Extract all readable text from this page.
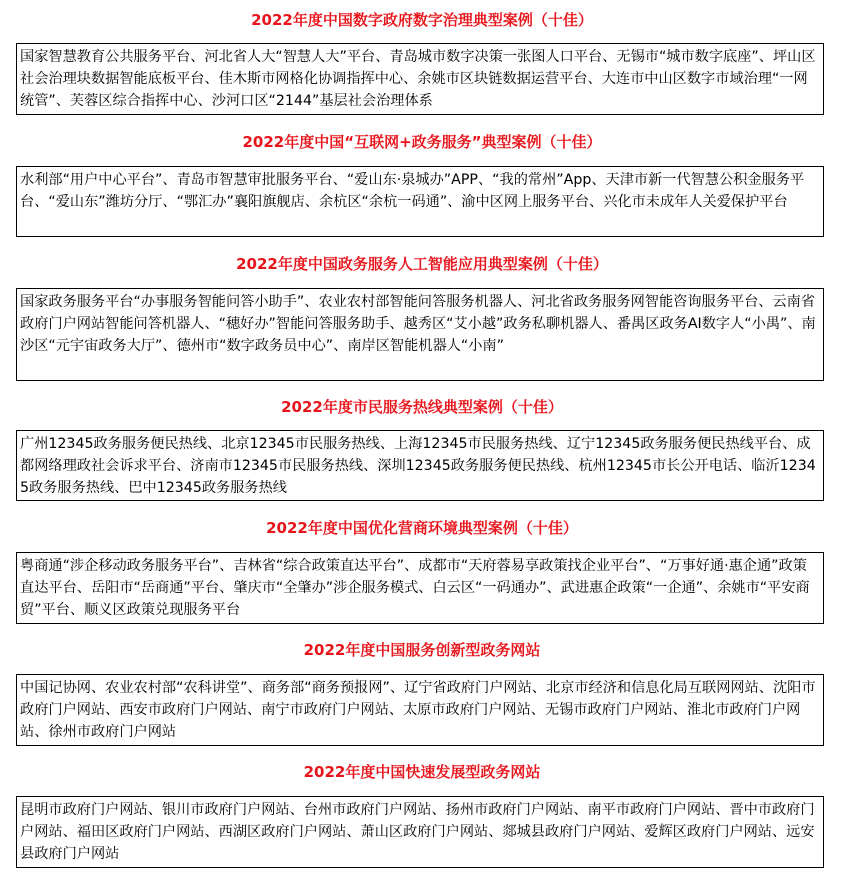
2022年度中国数字政府数字治理典型案例（十佳）
国家智慧教育公共服务平台、河北省人大“智慧人大”平台、青岛城市数字决策一张图人口平台、无锡市“城市数字底座”、坪山区社会治理块数据智能底板平台、佳木斯市网格化协调指挥中心、余姚市区块链数据运营平台、大连市中山区数字市域治理“一网统管”、芙蓉区综合指挥中心、沙河口区“2144”基层社会治理体系
2022年度中国“互联网+政务服务”典型案例（十佳）
水利部“用户中心平台”、青岛市智慧审批服务平台、“爱山东·泉城办”APP、“我的常州”App、天津市新一代智慧公积金服务平台、“爱山东”潍坊分厅、“鄂汇办”襄阳旗舰店、余杭区“余杭一码通”、渝中区网上服务平台、兴化市未成年人关爱保护平台
2022年度中国政务服务人工智能应用典型案例（十佳）
国家政务服务平台“办事服务智能问答小助手”、农业农村部智能问答服务机器人、河北省政务服务网智能咨询服务平台、云南省政府门户网站智能问答机器人、“穗好办”智能问答服务助手、越秀区“艾小越”政务私聊机器人、番禺区政务AI数字人“小禺”、南沙区“元宇宙政务大厅”、德州市“数字政务员中心”、南岸区智能机器人“小南”
2022年度市民服务热线典型案例（十佳）
广州12345政务服务便民热线、北京12345市民服务热线、上海12345市民服务热线、辽宁12345政务服务便民热线平台、成都网络理政社会诉求平台、济南市12345市民服务热线、深圳12345政务服务便民热线、杭州12345市长公开电话、临沂12345政务服务热线、巴中12345政务服务热线
2022年度中国优化营商环境典型案例（十佳）
粤商通“涉企移动政务服务平台”、吉林省“综合政策直达平台”、成都市“天府蓉易享政策找企业平台”、“万事好通·惠企通”政策直达平台、岳阳市“岳商通”平台、肇庆市“全肇办”涉企服务模式、白云区“一码通办”、武进惠企政策“一企通”、余姚市“平安商贸”平台、顺义区政策兑现服务平台
2022年度中国服务创新型政务网站
中国记协网、农业农村部“农科讲堂”、商务部“商务预报网”、辽宁省政府门户网站、北京市经济和信息化局互联网网站、沈阳市政府门户网站、西安市政府门户网站、南宁市政府门户网站、太原市政府门户网站、无锡市政府门户网站、淮北市政府门户网站、徐州市政府门户网站
2022年度中国快速发展型政务网站
昆明市政府门户网站、银川市政府门户网站、台州市政府门户网站、扬州市政府门户网站、南平市政府门户网站、晋中市政府门户网站、福田区政府门户网站、西湖区政府门户网站、萧山区政府门户网站、郯城县政府门户网站、爱辉区政府门户网站、远安县政府门户网站
